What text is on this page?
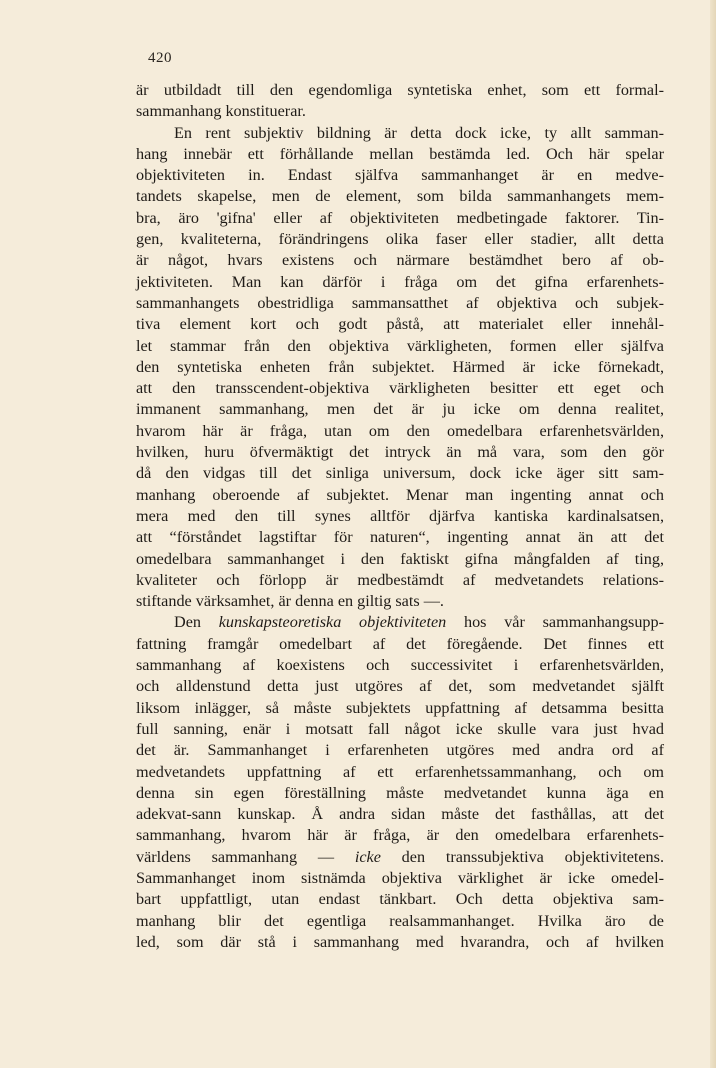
420
är utbildadt till den egendomliga syntetiska enhet, som ett formal-
sammanhang konstituerar.
En rent subjektiv bildning är detta dock icke, ty allt samman-
hang innebär ett förhållande mellan bestämda led. Och här spelar
objektiviteten in. Endast själfva sammanhanget är en medve-
tandets skapelse, men de element, som bilda sammanhangets mem-
bra, äro 'gifna' eller af objektiviteten medbetingade faktorer. Tin-
gen, kvaliteterna, förändringens olika faser eller stadier, allt detta
är något, hvars existens och närmare bestämdhet bero af ob-
jektiviteten. Man kan därför i fråga om det gifna erfarenhets-
sammanhangets obestridliga sammansatthet af objektiva och subjek-
tiva element kort och godt påstå, att materialet eller innehål-
let stammar från den objektiva värkligheten, formen eller själfva
den syntetiska enheten från subjektet. Härmed är icke förnekadt,
att den transscendent-objektiva värkligheten besitter ett eget och
immanent sammanhang, men det är ju icke om denna realitet,
hvarom här är fråga, utan om den omedelbara erfarenhetsvärlden,
hvilken, huru öfvermäktigt det intryck än må vara, som den gör
då den vidgas till det sinliga universum, dock icke äger sitt sam-
manhang oberoende af subjektet. Menar man ingenting annat och
mera med den till synes alltför djärfva kantiska kardinalsatsen,
att “förståndet lagstiftar för naturen“, ingenting annat än att det
omedelbara sammanhanget i den faktiskt gifna mångfalden af ting,
kvaliteter och förlopp är medbestämdt af medvetandets relations-
stiftande värksamhet, är denna en giltig sats —.
Den kunskapsteoretiska objektiviteten hos vår sammanhangsupp-
fattning framgår omedelbart af det föregående. Det finnes ett
sammanhang af koexistens och successivitet i erfarenhetsvärlden,
och alldenstund detta just utgöres af det, som medvetandet själft
liksom inlägger, så måste subjektets uppfattning af detsamma besitta
full sanning, enär i motsatt fall något icke skulle vara just hvad
det är. Sammanhanget i erfarenheten utgöres med andra ord af
medvetandets uppfattning af ett erfarenhetssammanhang, och om
denna sin egen föreställning måste medvetandet kunna äga en
adekvat-sann kunskap. Å andra sidan måste det fasthållas, att det
sammanhang, hvarom här är fråga, är den omedelbara erfarenhets-
världens sammanhang — icke den transsubjektiva objektivitetens.
Sammanhanget inom sistnämda objektiva värklighet är icke omedel-
bart uppfattligt, utan endast tänkbart. Och detta objektiva sam-
manhang blir det egentliga realsammanhanget. Hvilka äro de
led, som där stå i sammanhang med hvarandra, och af hvilken
